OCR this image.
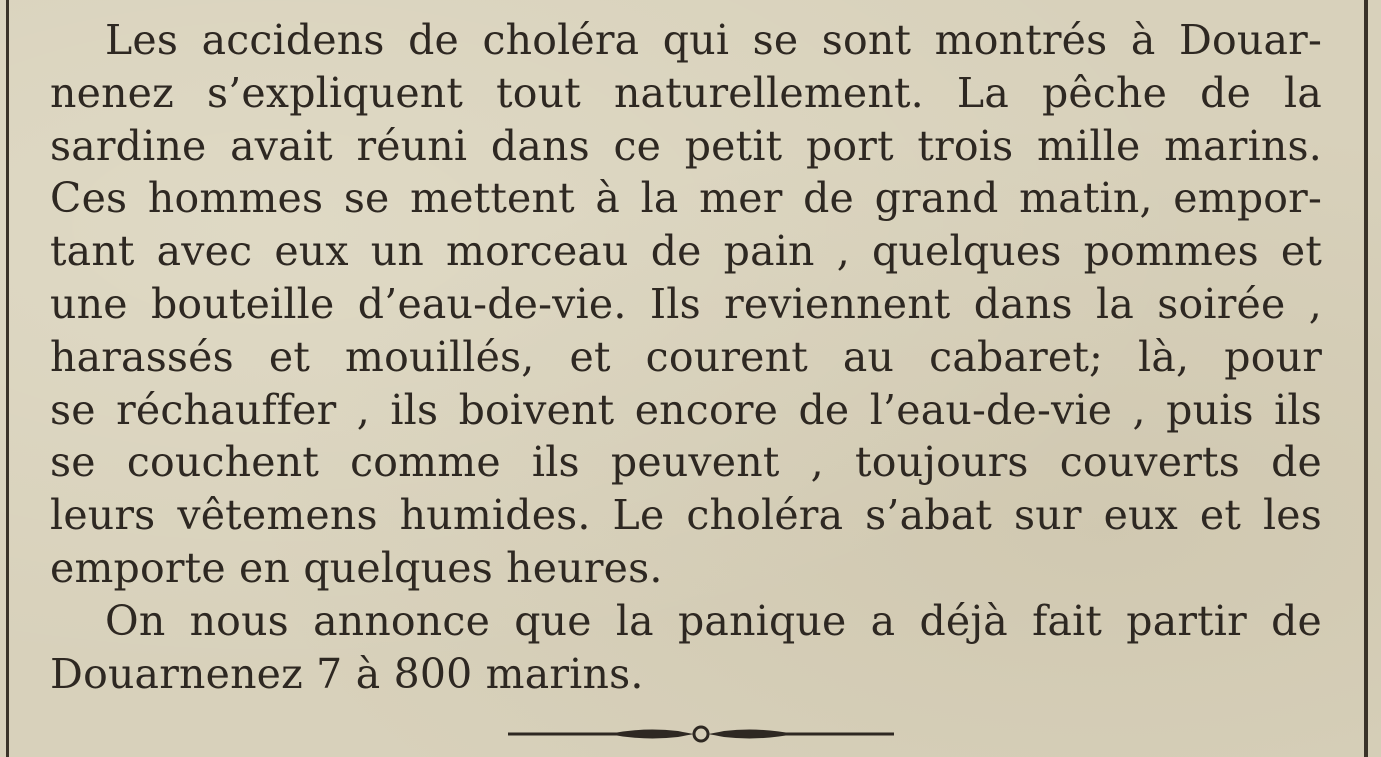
Les accidens de choléra qui se sont montrés à Douar-
nenez s’expliquent tout naturellement. La pêche de la
sardine avait réuni dans ce petit port trois mille marins.
Ces hommes se mettent à la mer de grand matin, empor-
tant avec eux un morceau de pain , quelques pommes et
une bouteille d’eau-de-vie. Ils reviennent dans la soirée ,
harassés et mouillés, et courent au cabaret; là, pour
se réchauffer , ils boivent encore de l’eau-de-vie , puis ils
se couchent comme ils peuvent , toujours couverts de
leurs vêtemens humides. Le choléra s’abat sur eux et les
emporte en quelques heures.
On nous annonce que la panique a déjà fait partir de
Douarnenez 7 à 800 marins.
